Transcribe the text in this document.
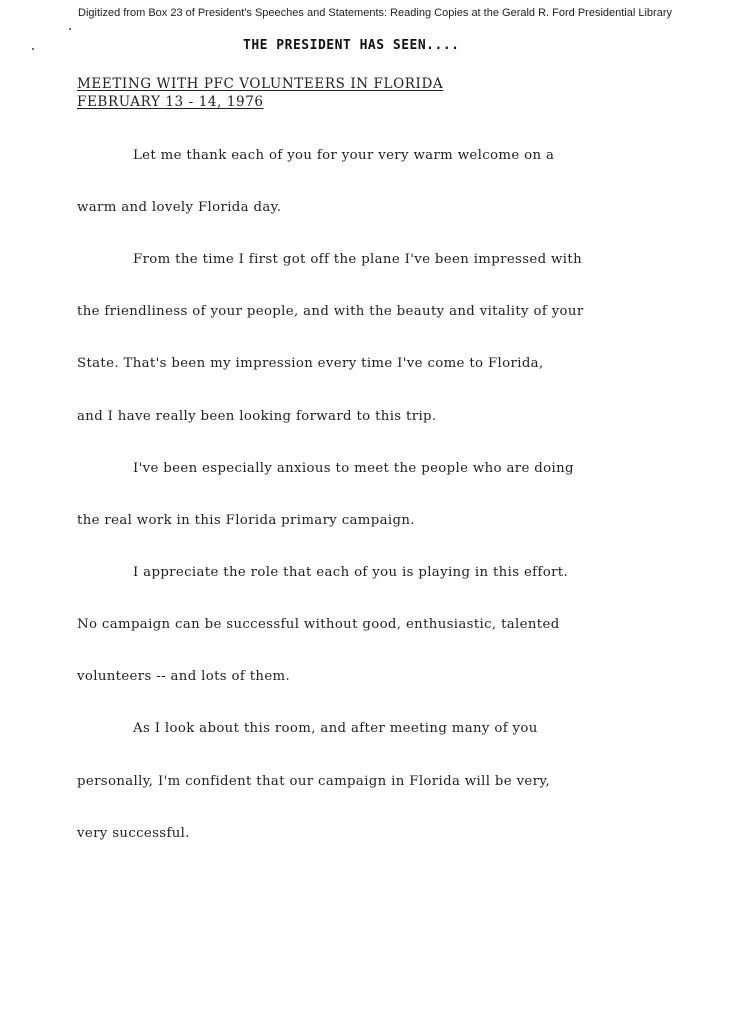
Digitized from Box 23 of President's Speeches and Statements: Reading Copies at the Gerald R. Ford Presidential Library
THE PRESIDENT HAS SEEN....
MEETING WITH PFC VOLUNTEERS IN FLORIDA
FEBRUARY 13 - 14, 1976
Let me thank each of you for your very warm welcome on a
warm and lovely Florida day.
From the time I first got off the plane I've been impressed with
the friendliness of your people, and with the beauty and vitality of your
State. That's been my impression every time I've come to Florida,
and I have really been looking forward to this trip.
I've been especially anxious to meet the people who are doing
the real work in this Florida primary campaign.
I appreciate the role that each of you is playing in this effort.
No campaign can be successful without good, enthusiastic, talented
volunteers -- and lots of them.
As I look about this room, and after meeting many of you
personally, I'm confident that our campaign in Florida will be very,
very successful.
